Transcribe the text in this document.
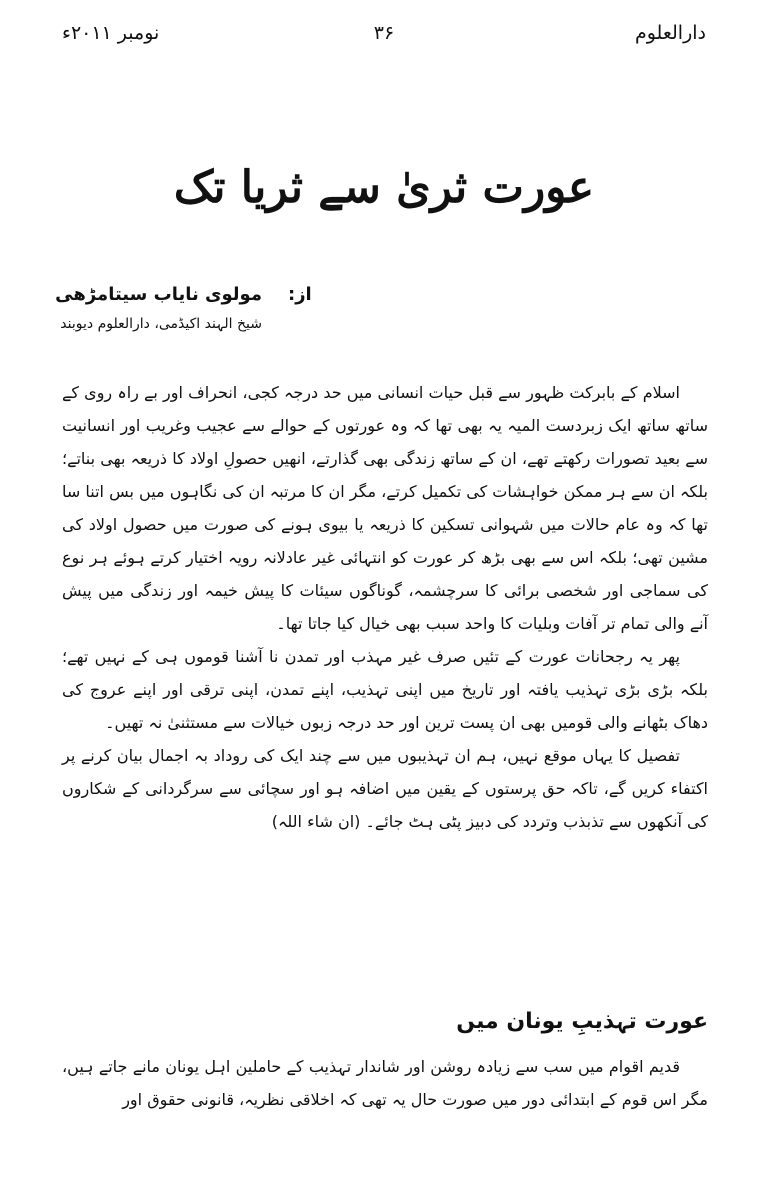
نومبر ۲۰۱۱ء	۳۶	دارالعلوم
عورت ثریٰ سے ثریا تک
از:
مولوی نایاب سیتامڑھی
شیخ الہند اکیڈمی، دارالعلوم دیوبند

اسلام کے بابرکت ظہور سے قبل حیات انسانی میں حد درجہ کجی، انحراف اور بے راہ روی کے ساتھ ساتھ ایک زبردست المیہ یہ بھی تھا کہ وہ عورتوں کے حوالے سے عجیب وغریب اور انسانیت سے بعید تصورات رکھتے تھے، ان کے ساتھ زندگی بھی گذارتے، انھیں حصولِ اولاد کا ذریعہ بھی بناتے؛ بلکہ ان سے ہر ممکن خواہشات کی تکمیل کرتے، مگر ان کا مرتبہ ان کی نگاہوں میں بس اتنا سا تھا کہ وہ عام حالات میں شہوانی تسکین کا ذریعہ یا بیوی ہونے کی صورت میں حصول اولاد کی مشین تھی؛ بلکہ اس سے بھی بڑھ کر عورت کو انتہائی غیر عادلانہ رویہ اختیار کرتے ہوئے ہر نوع کی سماجی اور شخصی برائی کا سرچشمہ، گوناگوں سیئات کا پیش خیمہ اور زندگی میں پیش آنے والی تمام تر آفات وبلیات کا واحد سبب بھی خیال کیا جاتا تھا۔

پھر یہ رجحانات عورت کے تئیں صرف غیر مہذب اور تمدن نا آشنا قوموں ہی کے نہیں تھے؛ بلکہ بڑی بڑی تہذیب یافتہ اور تاریخ میں اپنی تہذیب، اپنے تمدن، اپنی ترقی اور اپنے عروج کی دھاک بٹھانے والی قومیں بھی ان پست ترین اور حد درجہ زبوں خیالات سے مستثنیٰ نہ تھیں۔

تفصیل کا یہاں موقع نہیں، ہم ان تہذیبوں میں سے چند ایک کی روداد بہ اجمال بیان کرنے پر اکتفاء کریں گے، تاکہ حق پرستوں کے یقین میں اضافہ ہو اور سچائی سے سرگردانی کے شکاروں کی آنکھوں سے تذبذب وتردد کی دبیز پٹی ہٹ جائے۔ (ان شاء اللہ)

عورت تہذیبِ یونان میں

قدیم اقوام میں سب سے زیادہ روشن اور شاندار تہذیب کے حاملین اہل یونان مانے جاتے ہیں، مگر اس قوم کے ابتدائی دور میں صورت حال یہ تھی کہ اخلاقی نظریہ، قانونی حقوق اور
